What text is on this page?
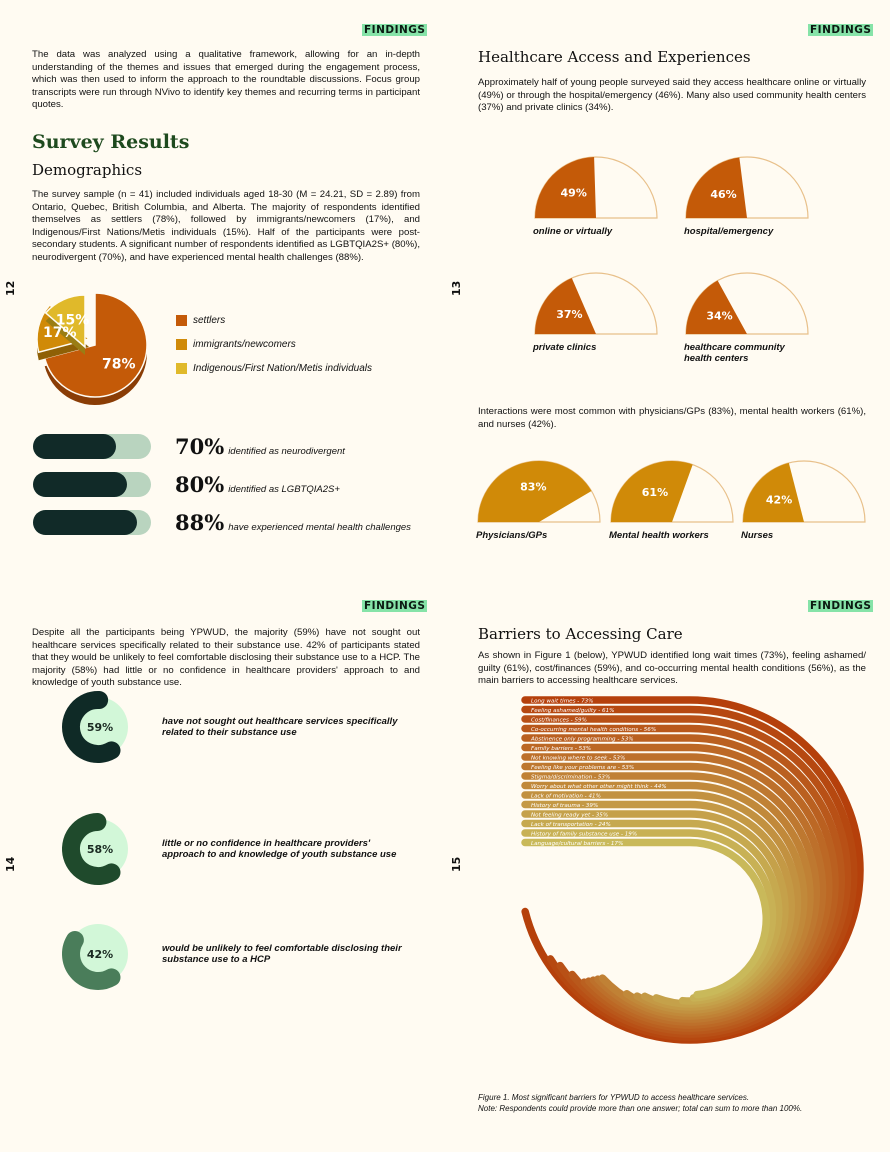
FINDINGS
12

The data was analyzed using a qualitative framework, allowing for an in-depth understanding of the themes and issues that emerged during the engagement process, which was then used to inform the approach to the roundtable discussions. Focus group transcripts were run through NVivo to identify key themes and recurring terms in participant quotes.

Survey Results
Demographics

The survey sample (n = 41) included individuals aged 18-30 (M = 24.21, SD = 2.89) from Ontario, Quebec, British Columbia, and Alberta. The majority of respondents identified themselves as settlers (78%), followed by immigrants/newcomers (17%), and Indigenous/First Nations/Metis individuals (15%). Half of the participants were post-secondary students. A significant number of respondents identified as LGBTQIA2S+ (80%), neurodivergent (70%), and have experienced mental health challenges (88%).

78%
17%
15%	settlers
immigrants/newcomers
Indigenous/First Nation/Metis individuals
70% identified as neurodivergent
80% identified as LGBTQIA2S+
88% have experienced mental health challenges
FINDINGS
13
Healthcare Access and Experiences

Approximately half of young people surveyed said they access healthcare online or virtually (49%) or through the hospital/emergency (46%). Many also used community health centers (37%) and private clinics (34%).

49%
online or virtually
46%
hospital/emergency
37%
private clinics
34%
healthcare community health centers

Interactions were most common with physicians/GPs (83%), mental health workers (61%), and nurses (42%).

83%
Physicians/GPs
61%
Mental health workers
42%
Nurses
FINDINGS
14

Despite all the participants being YPWUD, the majority (59%) have not sought out healthcare services specifically related to their substance use. 42% of participants stated that they would be unlikely to feel comfortable disclosing their substance use to a HCP. The majority (58%) had little or no confidence in healthcare providers' approach to and knowledge of youth substance use.

59%	have not sought out healthcare services specifically related to their substance use
58%	little or no confidence in healthcare providers' approach to and knowledge of youth substance use
42%	would be unlikely to feel comfortable disclosing their substance use to a HCP
FINDINGS
15
Barriers to Accessing Care

As shown in Figure 1 (below), YPWUD identified long wait times (73%), feeling ashamed/ guilty (61%), cost/finances (59%), and co-occurring mental health conditions (56%), as the main barriers to accessing healthcare services.

Long wait times - 73%
Feeling ashamed/guilty - 61%
Cost/finances - 59%
Co-occurring mental health conditions - 56%
Abstinence only programming - 53%
Family barriers - 53%
Not knowing where to seek - 53%
Feeling like your problems are - 53%
Stigma/discrimination - 53%
Worry about what other other might think - 44%
Lack of motivation - 41%
History of trauma - 39%
Not feeling ready yet - 35%
Lack of transportation - 24%
History of family substance use - 19%
Language/cultural barriers - 17%
Figure 1. Most significant barriers for YPWUD to access healthcare services.
Note: Respondents could provide more than one answer; total can sum to more than 100%.
